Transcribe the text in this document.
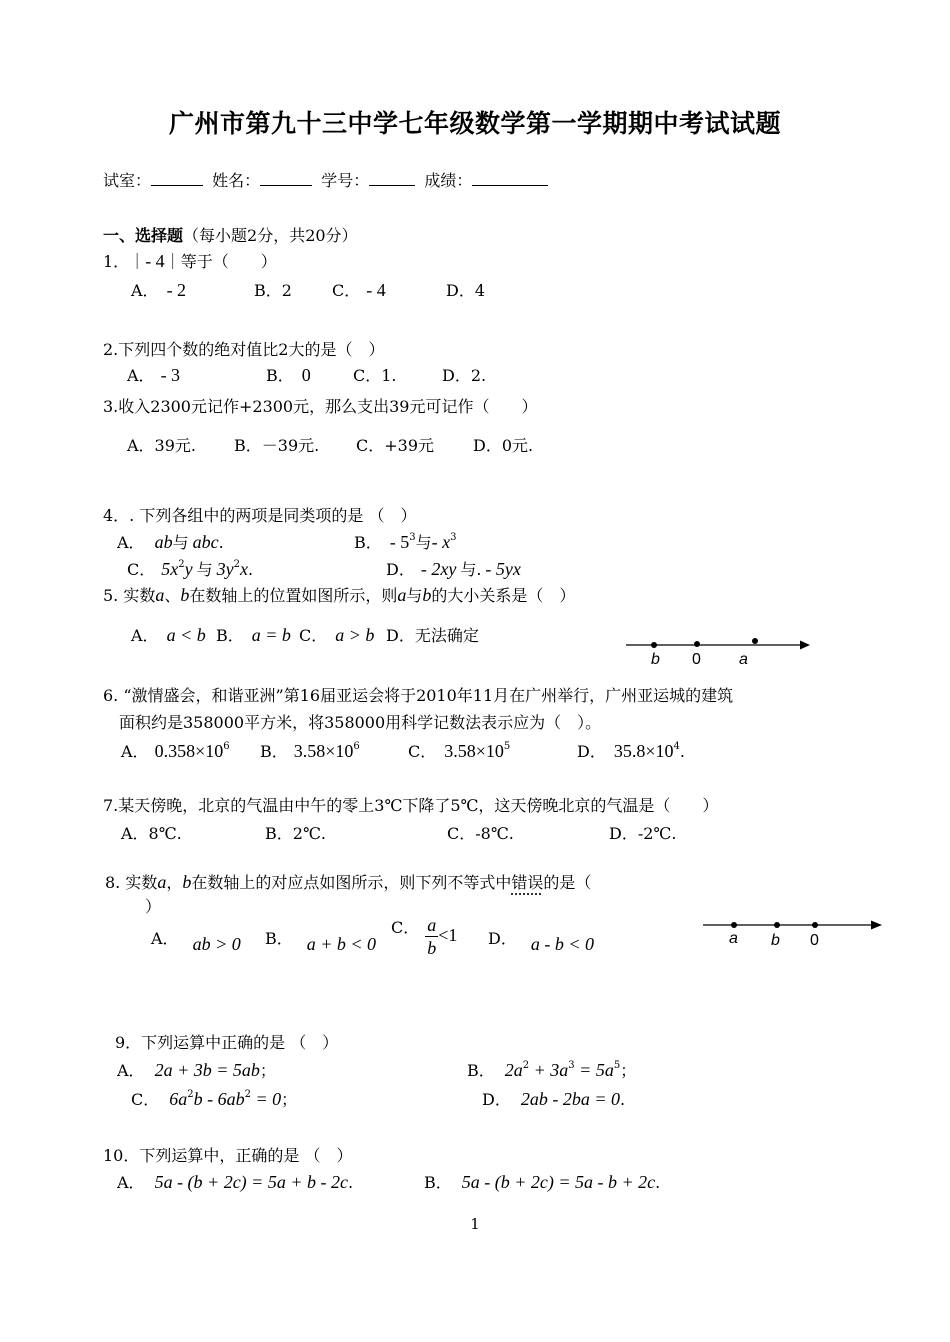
广州市第九十三中学七年级数学第一学期期中考试试题
试室：	姓名：	学号：	成绩：
一、选择题（每小题2分，共20分）
1．｜- 4｜等于（　　）
A． - 2	B．2	C． - 4	D．4
2.下列四个数的绝对值比2大的是（　）
A． - 3	B． 0	C．1.	D．2.
3.收入2300元记作+2300元，那么支出39元可记作（　　）
A．39元. B．－39元. C．+39元 D．0元.
4．. 下列各组中的两项是同类项的是 （　）
A． ab与 abc.	B． - $5^3$与- $x^3$
C． $5x^2y$ 与 $3y^2x$.	D． - 2xy 与. - 5yx
5. 实数a、b在数轴上的位置如图所示，则a与b的大小关系是（　）
A． a < b B． a = b C． a > b D．无法确定
b 0 a
6. “激情盛会，和谐亚洲”第16届亚运会将于2010年11月在广州举行，广州亚运城的建筑
面积约是358000平方米，将358000用科学记数法表示应为（　）。
A． $0.358\times 10^6$ B． $3.58\times 10^6$	C． $3.58\times 10^5$	D． $35.8\times 10^4$.
7.某天傍晚，北京的气温由中午的零上3℃下降了5℃，这天傍晚北京的气温是（　　）
A．8℃.	B．2℃.	C．-8℃.	D．-2℃.
8. 实数a，b在数轴上的对应点如图所示，则下列不等式中错误的是（
）
A． ab > 0 B． a + b < 0
C． $\frac{a}{b} <1$ D． a - b < 0	a b 0
9．下列运算中正确的是 （　）
A． 2a + 3b = 5ab；	B． $2a^2 + 3a^3 = 5a^5$；
C． $6a^2b - 6ab^2 = 0$；	D． 2ab - 2ba = 0.
10．下列运算中，正确的是 （　）
A． 5a - (b + 2c) = 5a + b - 2c.	B． 5a - (b + 2c) = 5a - b + 2c.
1
